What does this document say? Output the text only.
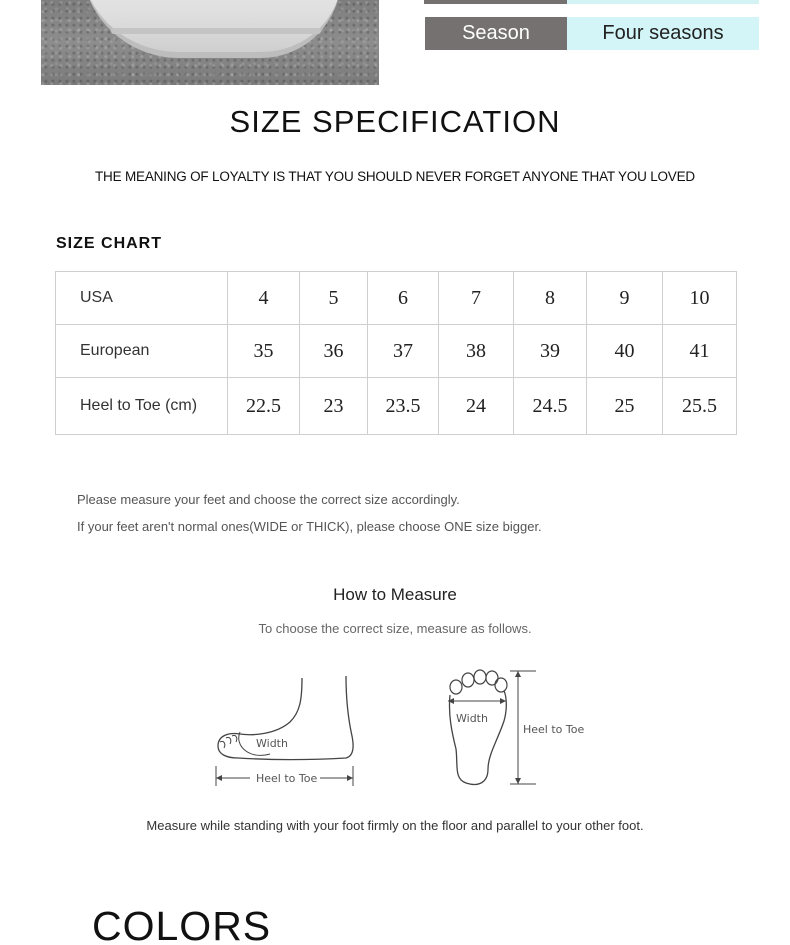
Season	Four seasons
SIZE SPECIFICATION
THE MEANING OF LOYALTY IS THAT YOU SHOULD NEVER FORGET ANYONE THAT YOU LOVED
SIZE CHART
USA	4	5	6	7	8	9	10
European	35	36	37	38	39	40	41
Heel to Toe (cm)	22.5	23	23.5	24	24.5	25	25.5
Please measure your feet and choose the correct size accordingly.
If your feet aren't normal ones(WIDE or THICK), please choose ONE size bigger.
How to Measure
To choose the correct size, measure as follows.
Width
Heel to Toe
Width
Heel to Toe
Measure while standing with your foot firmly on the floor and parallel to your other foot.
COLORS
